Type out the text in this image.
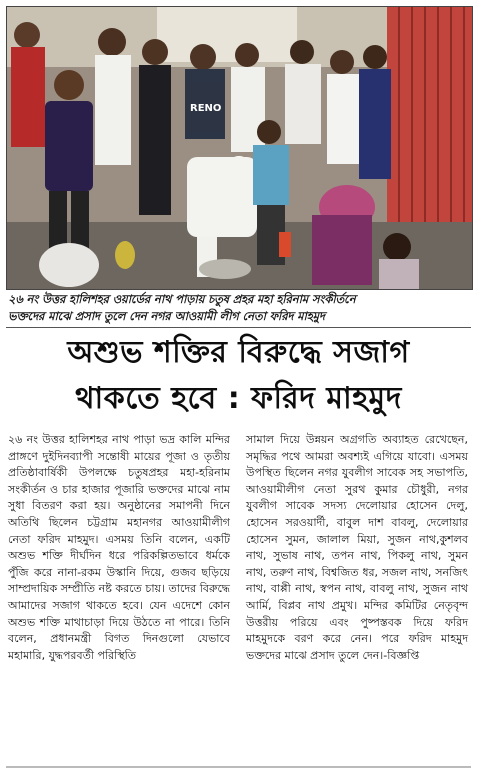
RENO
২৬ নং উত্তর হালিশহর ওয়ার্ডের নাথ পাড়ায় চতুষ প্রহর মহা হরিনাম সংকীর্তনে
ভক্তদের মাঝে প্রসাদ তুলে দেন নগর আওয়ামী লীগ নেতা ফরিদ মাহমুদ
অশুভ শক্তির বিরুদ্ধে সজাগ
থাকতে হবে : ফরিদ মাহমুদ

২৬ নং উত্তর হালিশহর নাথ পাড়া ভদ্র কালি মন্দির প্রাঙ্গণে দুইদিনব্যাপী সন্তোষী মায়ের পূজা ও তৃতীয় প্রতিষ্ঠাবার্ষিকী উপলক্ষে চতুষপ্রহর মহা-হরিনাম সংকীর্তন ও চার হাজার পূজারি ভক্তদের মাঝে নাম সুধা বিতরণ করা হয়। অনুষ্ঠানের সমাপনী দিনে অতিথি ছিলেন চট্টগ্রাম মহানগর আওয়ামীলীগ নেতা ফরিদ মাহমুদ। এসময় তিনি বলেন, একটি অশুভ শক্তি দীর্ঘদিন ধরে পরিকল্পিতভাবে ধর্মকে পুঁজি করে নানা-রকম উস্কানি দিয়ে, গুজব ছড়িয়ে সাম্প্রদায়িক সম্প্রীতি নষ্ট করতে চায়। তাদের বিরুদ্ধে আমাদের সজাগ থাকতে হবে। যেন এদেশে কোন অশুভ শক্তি মাথাচাড়া দিয়ে উঠতে না পারে। তিনি বলেন, প্রধানমন্ত্রী বিগত দিনগুলো যেভাবে মহামারি, যুদ্ধপরবর্তী পরিস্থিতি

সামাল দিয়ে উন্নয়ন অগ্রগতি অব্যাহত রেখেছেন, সমৃদ্ধির পথে আমরা অবশ্যই এগিয়ে যাবো। এসময় উপস্থিত ছিলেন নগর যুবলীগ সাবেক সহ সভাপতি, আওয়ামীলীগ নেতা সুরথ কুমার চৌধুরী, নগর যুবলীগ সাবেক সদস্য দেলোয়ার হোসেন দেলু, হোসেন সরওয়ার্দী, বাবুল দাশ বাবলু, দেলোয়ার হোসেন সুমন, জালাল মিয়া, সুজন নাথ,কুশলব নাথ, সুভাষ নাথ, তপন নাথ, পিকলু নাথ, সুমন নাথ, তরুণ নাথ, বিশ্বজিত ধর, সজল নাথ, সনজিৎ নাথ, বাপ্পী নাথ, স্বপন নাথ, বাবলু নাথ, সুজন নাথ আর্মি, বিপ্লব নাথ প্রমুখ। মন্দির কমিটির নেতৃবৃন্দ উত্তরীয় পরিয়ে এবং পুষ্পস্তবক দিয়ে ফরিদ মাহমুদকে বরণ করে নেন। পরে ফরিদ মাহমুদ ভক্তদের মাঝে প্রসাদ তুলে দেন।-বিজ্ঞপ্তি
